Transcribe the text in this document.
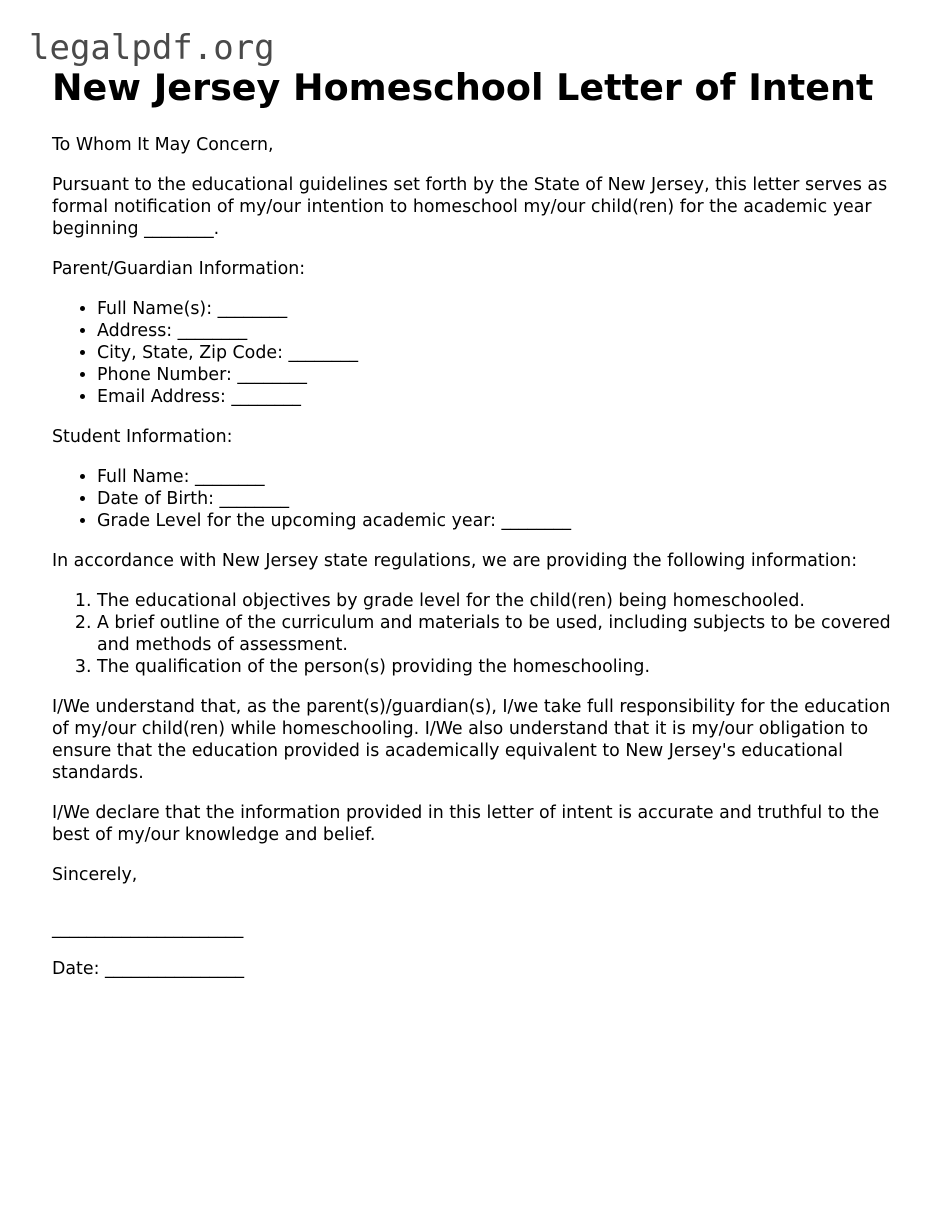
legalpdf.org
New Jersey Homeschool Letter of Intent

To Whom It May Concern,

Pursuant to the educational guidelines set forth by the State of New Jersey, this letter serves as formal notification of my/our intention to homeschool my/our child(ren) for the academic year beginning ________.

Parent/Guardian Information:

• Full Name(s): ________
• Address: ________
• City, State, Zip Code: ________
• Phone Number: ________
• Email Address: ________

Student Information:

• Full Name: ________
• Date of Birth: ________
• Grade Level for the upcoming academic year: ________

In accordance with New Jersey state regulations, we are providing the following information:

1. The educational objectives by grade level for the child(ren) being homeschooled.
2. A brief outline of the curriculum and materials to be used, including subjects to be covered and methods of assessment.
3. The qualification of the person(s) providing the homeschooling.

I/We understand that, as the parent(s)/guardian(s), I/we take full responsibility for the education of my/our child(ren) while homeschooling. I/We also understand that it is my/our obligation to ensure that the education provided is academically equivalent to New Jersey's educational standards.

I/We declare that the information provided in this letter of intent is accurate and truthful to the best of my/our knowledge and belief.

Sincerely,

______________________

Date: ________________
